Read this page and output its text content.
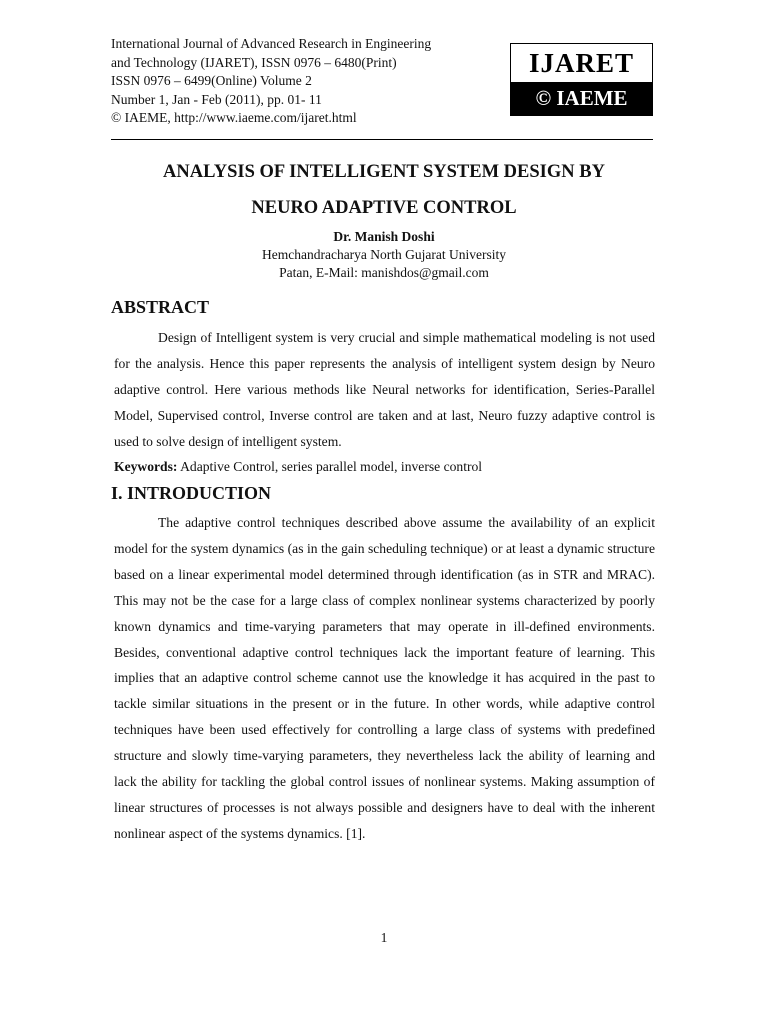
International Journal of Advanced Research in Engineering
and Technology (IJARET), ISSN 0976 – 6480(Print)
ISSN 0976 – 6499(Online) Volume 2
Number 1, Jan - Feb (2011), pp. 01- 11
© IAEME, http://www.iaeme.com/ijaret.html
IJARET
© IAEME
ANALYSIS OF INTELLIGENT SYSTEM DESIGN BY
NEURO ADAPTIVE CONTROL
Dr. Manish Doshi
Hemchandracharya North Gujarat University
Patan, E-Mail: manishdos@gmail.com
ABSTRACT

Design of Intelligent system is very crucial and simple mathematical modeling is not used for the analysis. Hence this paper represents the analysis of intelligent system design by Neuro adaptive control. Here various methods like Neural networks for identification, Series-Parallel Model, Supervised control, Inverse control are taken and at last, Neuro fuzzy adaptive control is used to solve design of intelligent system.

Keywords: Adaptive Control, series parallel model, inverse control
I. INTRODUCTION

The adaptive control techniques described above assume the availability of an explicit model for the system dynamics (as in the gain scheduling technique) or at least a dynamic structure based on a linear experimental model determined through identification (as in STR and MRAC). This may not be the case for a large class of complex nonlinear systems characterized by poorly known dynamics and time-varying parameters that may operate in ill-defined environments. Besides, conventional adaptive control techniques lack the important feature of learning. This implies that an adaptive control scheme cannot use the knowledge it has acquired in the past to tackle similar situations in the present or in the future. In other words, while adaptive control techniques have been used effectively for controlling a large class of systems with predefined structure and slowly time-varying parameters, they nevertheless lack the ability of learning and lack the ability for tackling the global control issues of nonlinear systems. Making assumption of linear structures of processes is not always possible and designers have to deal with the inherent nonlinear aspect of the systems dynamics. [1].

1
